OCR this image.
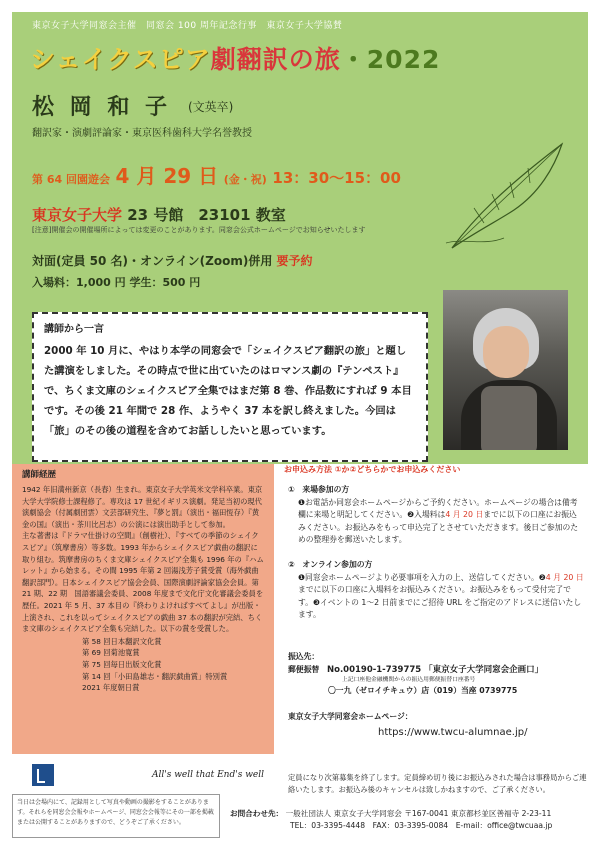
東京女子大学同窓会主催　同窓会 100 周年記念行事　東京女子大学協賛
シェイクスピア劇翻訳の旅・2022
松 岡 和 子 (文英卒)
翻訳家・演劇評論家・東京医科歯科大学名誉教授
第 64 回園遊会 4 月 29 日 (金・祝) 13：30～15：00
東京女子大学 23 号館　23101 教室
[注意]開催会の開催場所によっては変更のことがあります。同窓会公式ホームページでお知らせいたします
対面(定員 50 名)・オンライン(Zoom)併用 要予約
入場料：1,000 円 学生：500 円
講師から一言
2000 年 10 月に、やはり本学の同窓会で「シェイクスピア翻訳の旅」と題した講演をしました。その時点で世に出ていたのはロマンス劇の『テンペスト』で、ちくま文庫のシェイクスピア全集ではまだ第 8 巻、作品数にすれば 9 本目です。その後 21 年間で 28 作、ようやく 37 本を訳し終えました。今回は「旅」のその後の道程を含めてお話ししたいと思っています。
講師経歴

1942 年旧満州新京（長春）生まれ。東京女子大学英米文学科卒業。東京大学大学院修士課程修了。専攻は 17 世紀イギリス演劇。発足当初の現代演劇協会（付属劇団雲）文芸部研究生、『夢と罰』（演出・福田恆存）『黄金の国』（演出・茶川比呂志）の公演には演出助手として参加。

主な著書は『ドラマ仕掛けの空間』（創樹社）、『すべての季節のシェイクスピア』（筑摩書房）等多数。1993 年からシェイクスピア戯曲の翻訳に取り組む。筑摩書房のちくま文庫シェイクスピア全集も 1996 年の『ハムレット』から始まる。その間 1995 年第 2 回湯浅芳子賞受賞（海外戯曲翻訳部門）。日本シェイクスピア協会会員、国際演劇評論家協会会員。第 21 期、22 期　国語審議会委員、2008 年度まで文化庁文化審議会委員を歴任。2021 年 5 月、37 本目の『終わりよければすべてよし』が出版・上演され、これを以ってシェイクスピアの戯曲 37 本の翻訳が完結、ちくま文庫のシェイクスピア全集も完結した。以下の賞を受賞した。

第 58 回日本翻訳文化賞
第 69 回菊池寛賞
第 75 回毎日出版文化賞
第 14 回「小田島雄志・翻訳戯曲賞」特別賞
2021 年度朝日賞
All's well that End's well
お申込み方法 ①か②どちらかでお申込みください
①　来場参加の方
❶お電話か同窓会ホームページからご予約ください。ホームページの場合は備考欄に来場と明記してください。❷入場料は4 月 20 日までに以下の口座にお振込みください。お振込みをもって申込完了とさせていただきます。後日ご参加のための整理券を郵送いたします。
②　オンライン参加の方
❶同窓会ホームページより必要事項を入力の上、送信してください。❷4 月 20 日までに以下の口座に入場料をお振込みください。お振込みをもって受付完了です。❸イベントの 1～2 日前までにご招待 URL をご指定のアドレスに送信いたします。
振込先：
郵便振替　 No.00190-1-739775 「東京女子大学同窓会企画口」
上記口座他金融機関からの振込用郵便振替口座番号
〇一九（ゼロイチキュウ）店（019）当座 0739775
東京女子大学同窓会ホームページ：
https://www.twcu-alumnae.jp/
定員になり次第募集を終了します。定員締め切り後にお振込みされた場合は事務局からご連絡いたします。お振込み後のキャンセルは致しかねますので、ご了承ください。
当日は会場内にて、記録用として写真や動画の撮影をすることがあります。それらを同窓会会報やホームページ、同窓会会報等にその一部を掲載または公開することがありますので、どうぞご了承ください。
お問合わせ先： 一般社団法人 東京女子大学同窓会 〒167-0041 東京都杉並区善福寺 2-23-11
TEL：03-3395-4448　 FAX：03-3395-0084　 E-mail：office@twcuaa.jp
